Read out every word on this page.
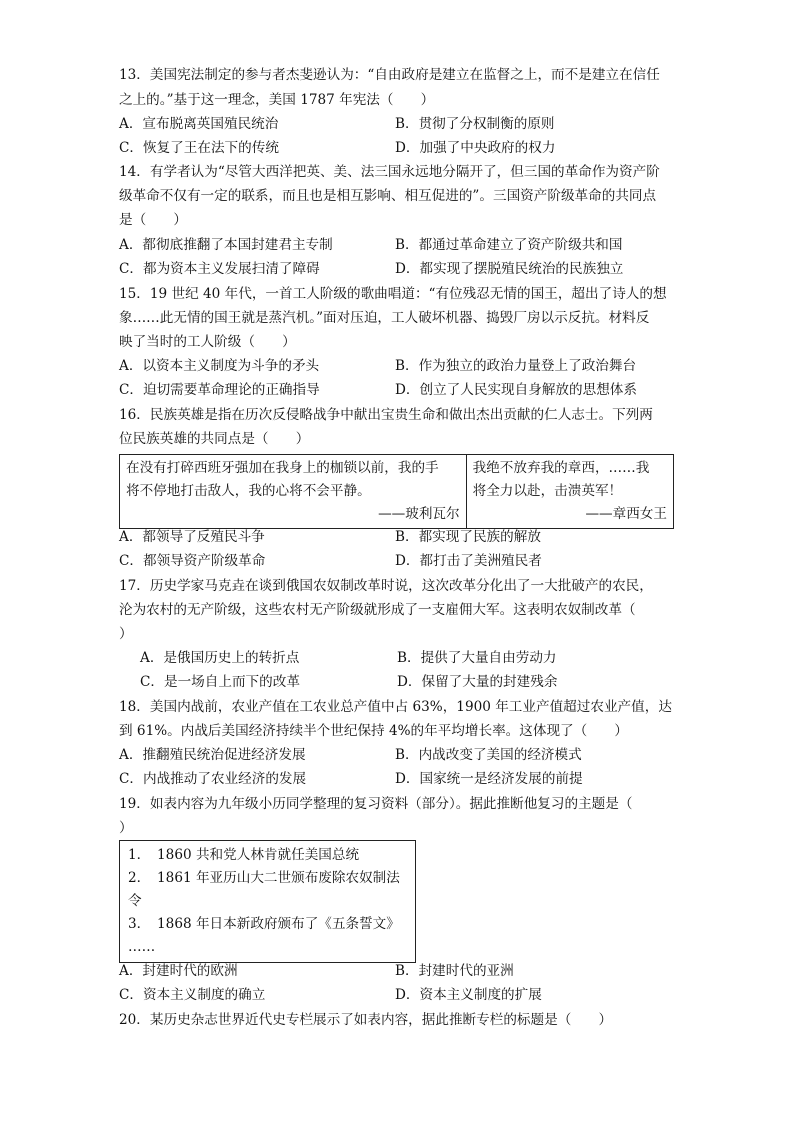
13．美国宪法制定的参与者杰斐逊认为：“自由政府是建立在监督之上，而不是建立在信任
之上的。”基于这一理念，美国 1787 年宪法（　　）
A．宣布脱离英国殖民统治	B．贯彻了分权制衡的原则
C．恢复了王在法下的传统	D．加强了中央政府的权力
14．有学者认为“尽管大西洋把英、美、法三国永远地分隔开了，但三国的革命作为资产阶
级革命不仅有一定的联系，而且也是相互影响、相互促进的”。三国资产阶级革命的共同点
是（　　）
A．都彻底推翻了本国封建君主专制	B．都通过革命建立了资产阶级共和国
C．都为资本主义发展扫清了障碍	D．都实现了摆脱殖民统治的民族独立
15．19 世纪 40 年代，一首工人阶级的歌曲唱道：“有位残忍无情的国王，超出了诗人的想
象……此无情的国王就是蒸汽机。”面对压迫，工人破坏机器、捣毁厂房以示反抗。材料反
映了当时的工人阶级（　　）
A．以资本主义制度为斗争的矛头	B．作为独立的政治力量登上了政治舞台
C．迫切需要革命理论的正确指导	D．创立了人民实现自身解放的思想体系
16．民族英雄是指在历次反侵略战争中献出宝贵生命和做出杰出贡献的仁人志士。下列两
位民族英雄的共同点是（　　）
在没有打碎西班牙强加在我身上的枷锁以前，我的手
将不停地打击敌人，我的心将不会平静。
——玻利瓦尔

我绝不放弃我的章西，……我
将全力以赴，击溃英军！
——章西女王
A．都领导了反殖民斗争	B．都实现了民族的解放
C．都领导资产阶级革命	D．都打击了美洲殖民者
17．历史学家马克垚在谈到俄国农奴制改革时说，这次改革分化出了一大批破产的农民，
沦为农村的无产阶级，这些农村无产阶级就形成了一支雇佣大军。这表明农奴制改革（
）
A．是俄国历史上的转折点	B．提供了大量自由劳动力
C．是一场自上而下的改革	D．保留了大量的封建残余
18．美国内战前，农业产值在工农业总产值中占 63%，1900 年工业产值超过农业产值，达
到 61%。内战后美国经济持续半个世纪保持 4%的年平均增长率。这体现了（　　）
A．推翻殖民统治促进经济发展	B．内战改变了美国的经济模式
C．内战推动了农业经济的发展	D．国家统一是经济发展的前提
19．如表内容为九年级小历同学整理的复习资料（部分）。据此推断他复习的主题是（
）
1．　1860 共和党人林肯就任美国总统
2．　1861 年亚历山大二世颁布废除农奴制法
令
3．　1868 年日本新政府颁布了《五条誓文》
……
A．封建时代的欧洲	B．封建时代的亚洲
C．资本主义制度的确立	D．资本主义制度的扩展
20．某历史杂志世界近代史专栏展示了如表内容，据此推断专栏的标题是（　　）
